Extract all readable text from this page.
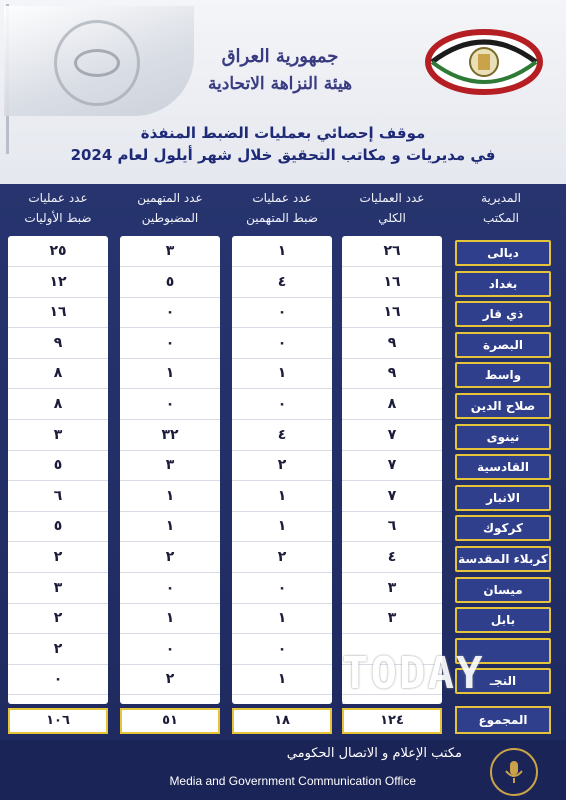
جمهورية العراق
هيئة النزاهة الاتحادية
موقف إحصائي بعمليات الضبط المنفذة
في مديريات و مكاتب التحقيق خلال شهر أيلول لعام 2024
المديرية
المكتب
عدد العمليات
الكلي
عدد عمليات
ضبط المتهمين
عدد المتهمين
المضبوطين
عدد عمليات
ضبط الأوليات
٢٦
١٦
١٦
٩
٩
٨
٧
٧
٧
٦
٤
٣
٣
١
٤
٠
٠
١
٠
٤
٢
١
١
٢
٠
١
٠
١
٣
٥
٠
٠
١
٠
٣٢
٣
١
١
٢
٠
١
٠
٢
٢٥
١٢
١٦
٩
٨
٨
٣
٥
٦
٥
٢
٣
٢
٢
٠
ديالى
بغداد
ذي قار
البصرة
واسط
صلاح الدين
نينوى
القادسية
الانبار
كركوك
كربلاء المقدسة
ميسان
بابل
النجـ
المجموع
١٢٤
١٨
٥١
١٠٦
TODAY
NEWS
مكتب الإعلام و الاتصال الحكومي
Media and Government Communication Office
